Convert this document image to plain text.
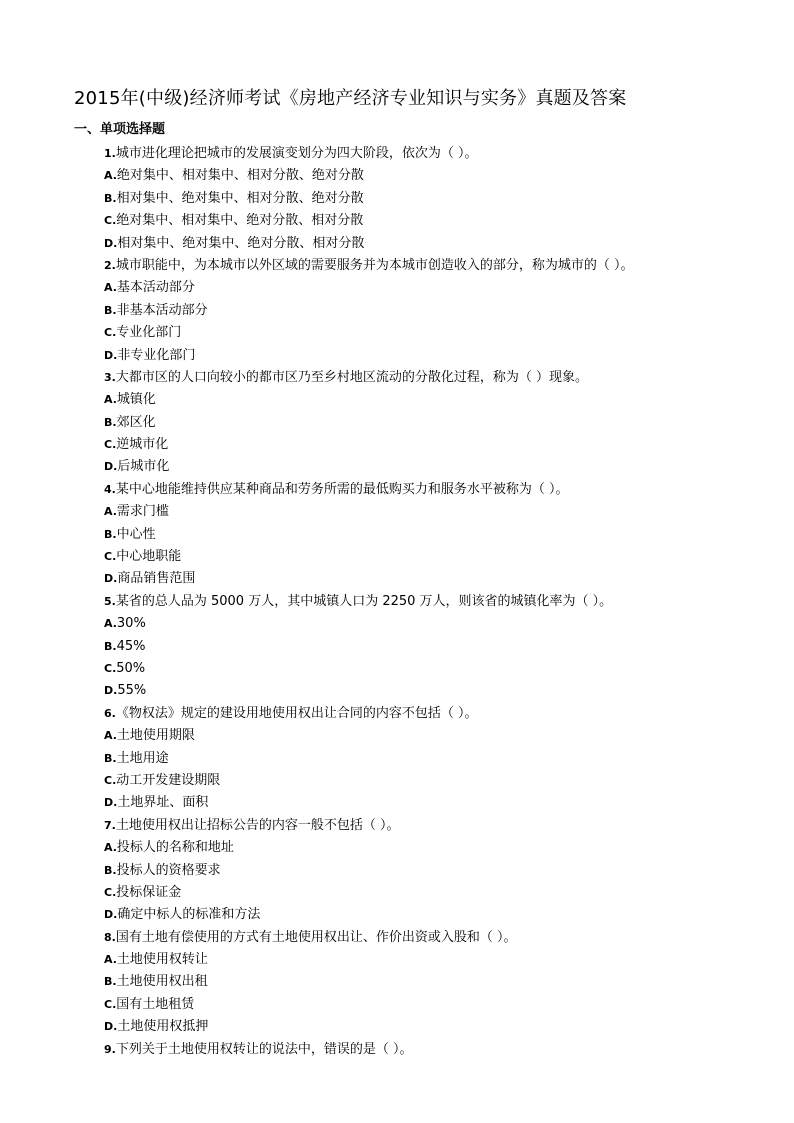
2015年(中级)经济师考试《房地产经济专业知识与实务》真题及答案
一、单项选择题
1.城市进化理论把城市的发展演变划分为四大阶段，依次为（ ）。
A.绝对集中、相对集中、相对分散、绝对分散
B.相对集中、绝对集中、相对分散、绝对分散
C.绝对集中、相对集中、绝对分散、相对分散
D.相对集中、绝对集中、绝对分散、相对分散
2.城市职能中，为本城市以外区域的需要服务并为本城市创造收入的部分，称为城市的（ ）。
A.基本活动部分
B.非基本活动部分
C.专业化部门
D.非专业化部门
3.大都市区的人口向较小的都市区乃至乡村地区流动的分散化过程，称为（ ）现象。
A.城镇化
B.郊区化
C.逆城市化
D.后城市化
4.某中心地能维持供应某种商品和劳务所需的最低购买力和服务水平被称为（ ）。
A.需求门槛
B.中心性
C.中心地职能
D.商品销售范围
5.某省的总人品为 5000 万人，其中城镇人口为 2250 万人，则该省的城镇化率为（ ）。
A.30%
B.45%
C.50%
D.55%
6.《物权法》规定的建设用地使用权出让合同的内容不包括（ ）。
A.土地使用期限
B.土地用途
C.动工开发建设期限
D.土地界址、面积
7.土地使用权出让招标公告的内容一般不包括（ ）。
A.投标人的名称和地址
B.投标人的资格要求
C.投标保证金
D.确定中标人的标准和方法
8.国有土地有偿使用的方式有土地使用权出让、作价出资或入股和（ ）。
A.土地使用权转让
B.土地使用权出租
C.国有土地租赁
D.土地使用权抵押
9.下列关于土地使用权转让的说法中，错误的是（ ）。
